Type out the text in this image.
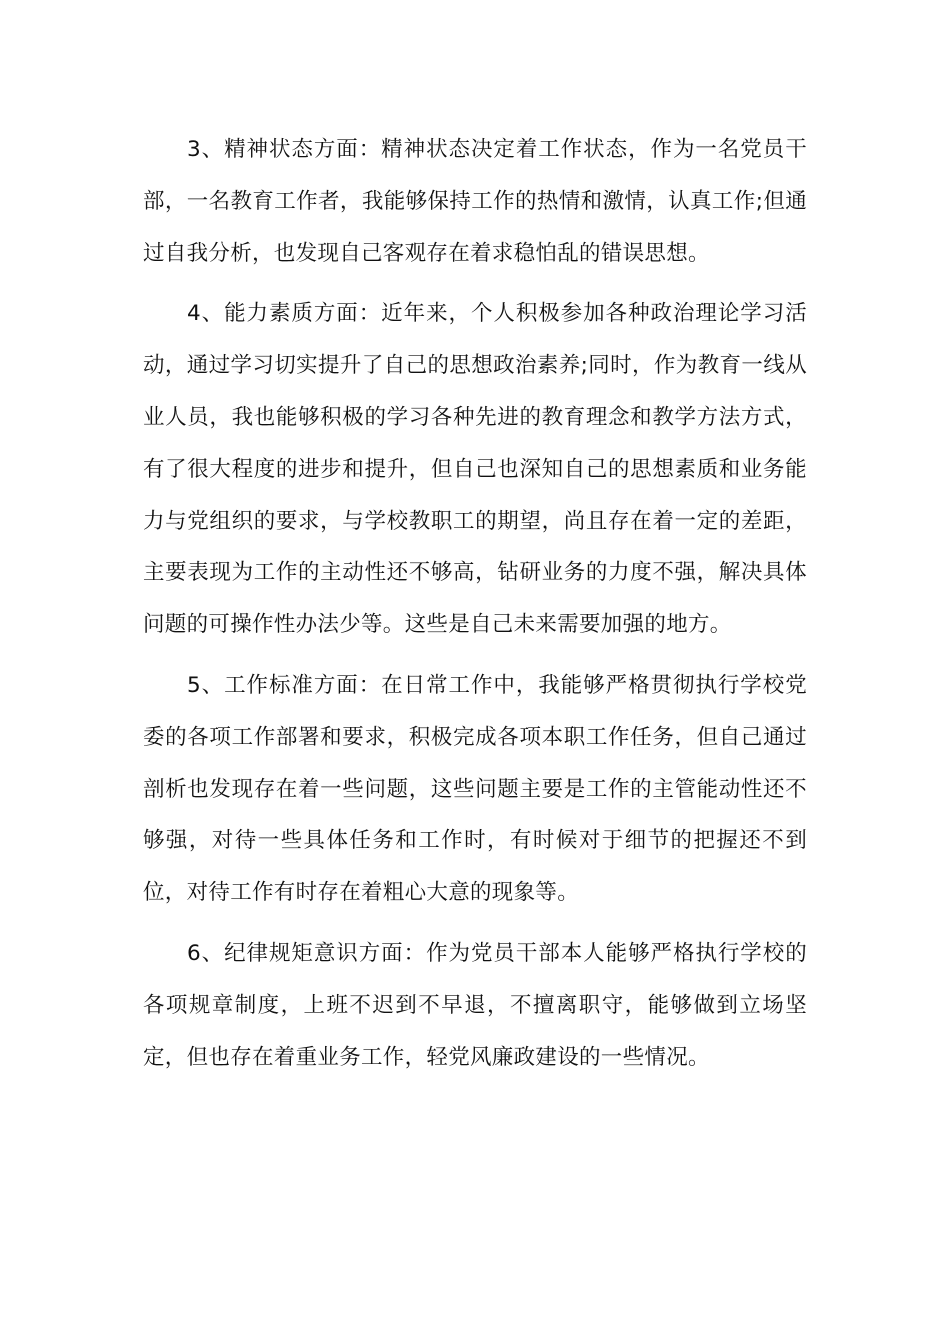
3、精神状态方面：精神状态决定着工作状态，作为一名党员干部，一名教育工作者，我能够保持工作的热情和激情，认真工作;但通过自我分析，也发现自己客观存在着求稳怕乱的错误思想。

4、能力素质方面：近年来，个人积极参加各种政治理论学习活动，通过学习切实提升了自己的思想政治素养;同时，作为教育一线从业人员，我也能够积极的学习各种先进的教育理念和教学方法方式，有了很大程度的进步和提升，但自己也深知自己的思想素质和业务能力与党组织的要求，与学校教职工的期望，尚且存在着一定的差距，主要表现为工作的主动性还不够高，钻研业务的力度不强，解决具体问题的可操作性办法少等。这些是自己未来需要加强的地方。

5、工作标准方面：在日常工作中，我能够严格贯彻执行学校党委的各项工作部署和要求，积极完成各项本职工作任务，但自己通过剖析也发现存在着一些问题，这些问题主要是工作的主管能动性还不够强，对待一些具体任务和工作时，有时候对于细节的把握还不到位，对待工作有时存在着粗心大意的现象等。

6、纪律规矩意识方面：作为党员干部本人能够严格执行学校的各项规章制度，上班不迟到不早退，不擅离职守，能够做到立场坚定，但也存在着重业务工作，轻党风廉政建设的一些情况。
